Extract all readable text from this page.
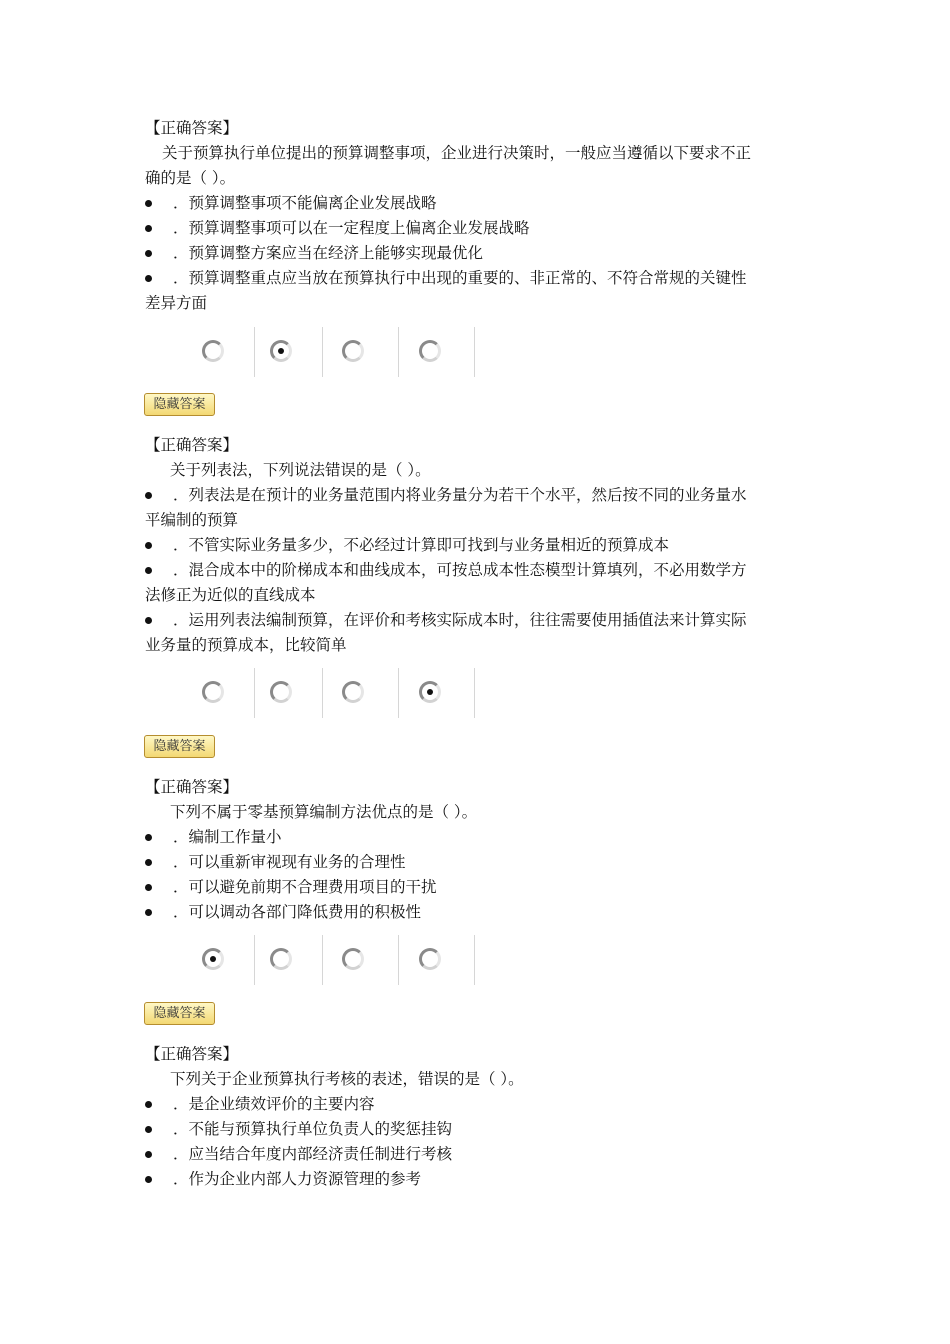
【正确答案】
关于预算执行单位提出的预算调整事项，企业进行决策时，一般应当遵循以下要求不正
确的是（ ）。
．预算调整事项不能偏离企业发展战略
．预算调整事项可以在一定程度上偏离企业发展战略
．预算调整方案应当在经济上能够实现最优化
．预算调整重点应当放在预算执行中出现的重要的、非正常的、不符合常规的关键性
差异方面
隐藏答案
【正确答案】
关于列表法，下列说法错误的是（ ）。
．列表法是在预计的业务量范围内将业务量分为若干个水平，然后按不同的业务量水
平编制的预算
．不管实际业务量多少，不必经过计算即可找到与业务量相近的预算成本
．混合成本中的阶梯成本和曲线成本，可按总成本性态模型计算填列，不必用数学方
法修正为近似的直线成本
．运用列表法编制预算，在评价和考核实际成本时，往往需要使用插值法来计算实际
业务量的预算成本，比较简单
隐藏答案
【正确答案】
下列不属于零基预算编制方法优点的是（ ）。
．编制工作量小
．可以重新审视现有业务的合理性
．可以避免前期不合理费用项目的干扰
．可以调动各部门降低费用的积极性
隐藏答案
【正确答案】
下列关于企业预算执行考核的表述，错误的是（ ）。
．是企业绩效评价的主要内容
．不能与预算执行单位负责人的奖惩挂钩
．应当结合年度内部经济责任制进行考核
．作为企业内部人力资源管理的参考
